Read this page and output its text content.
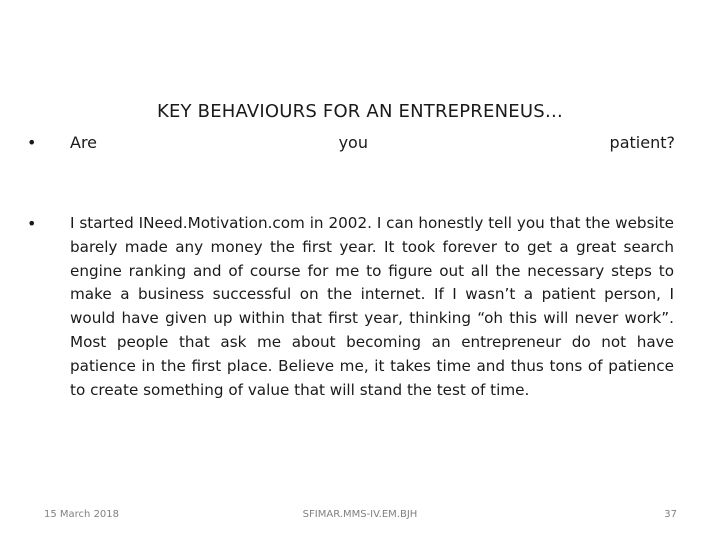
KEY BEHAVIOURS FOR AN ENTREPRENEUS…
• Are	you	patient?
• I started INeed.Motivation.com in 2002. I can honestly tell you that the website barely made any money the first year. It took forever to get a great search engine ranking and of course for me to figure out all the necessary steps to make a business successful on the internet. If I wasn’t a patient person, I would have given up within that first year, thinking “oh this will never work”. Most people that ask me about becoming an entrepreneur do not have patience in the first place. Believe me, it takes time and thus tons of patience to create something of value that will stand the test of time.

15 March 2018	SFIMAR.MMS-IV.EM.BJH	37
